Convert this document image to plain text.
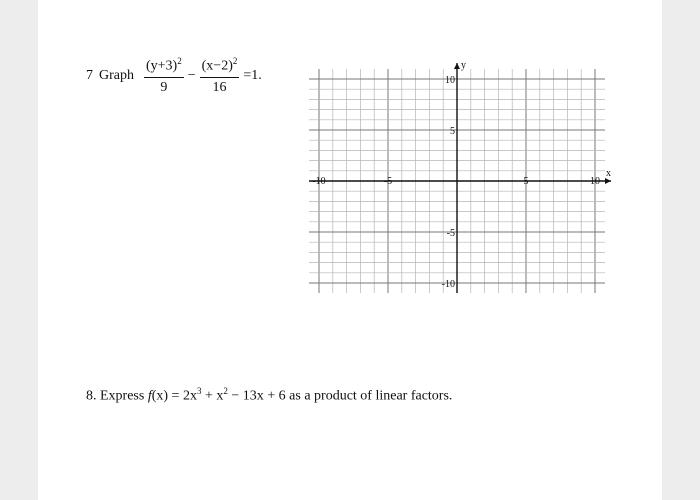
7 Graph $\frac{(y+3)^2}{9} - \frac{(x-2)^2}{16} =1$.
-10	-5	5	10
10
5
-5
-10
y
x
8. Express $f(x) = 2x^3 + x^2 - 13x + 6$ as a product of linear factors.
